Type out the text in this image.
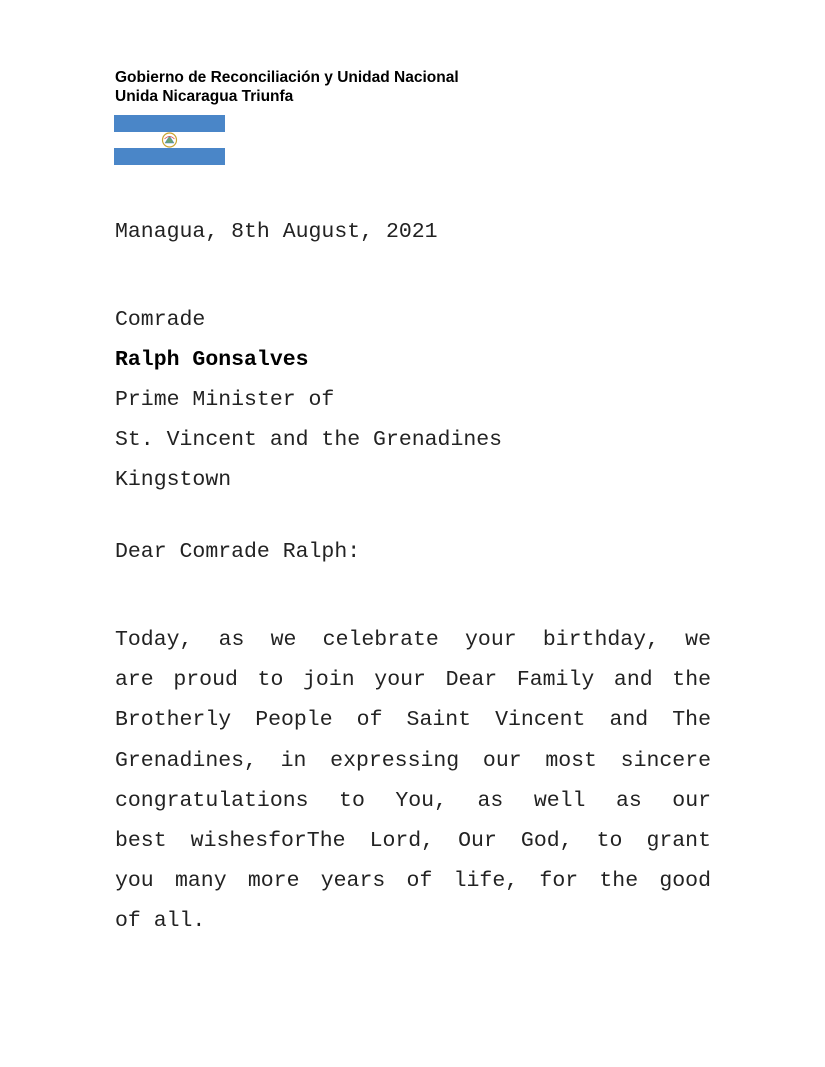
Gobierno de Reconciliación y Unidad Nacional
Unida Nicaragua Triunfa
Managua, 8th August, 2021
Comrade
Ralph Gonsalves
Prime Minister of
St. Vincent and the Grenadines
Kingstown
Dear Comrade Ralph:
Today, as we celebrate your birthday, we
are proud to join your Dear Family and the
Brotherly People of Saint Vincent and The
Grenadines, in expressing our most sincere
congratulations to You, as well as our
best wishesforThe Lord, Our God, to grant
you many more years of life, for the good
of all.
